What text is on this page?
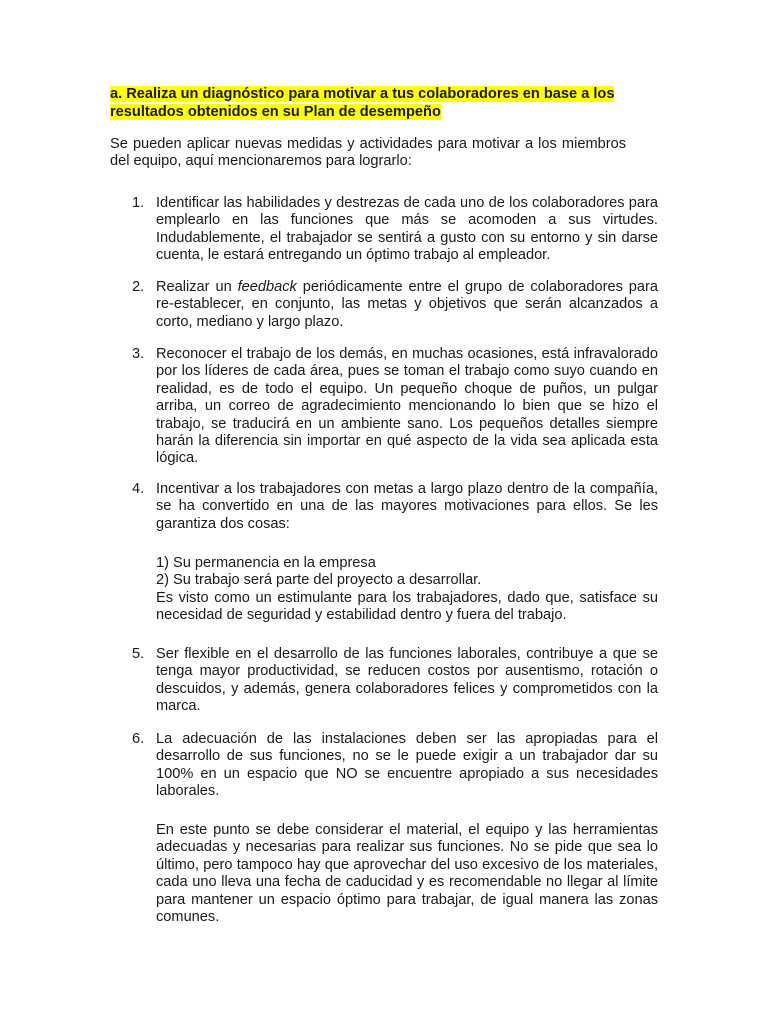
a. Realiza un diagnóstico para motivar a tus colaboradores en base a los
resultados obtenidos en su Plan de desempeño
Se pueden aplicar nuevas medidas y actividades para motivar a los miembros del equipo, aquí mencionaremos para lograrlo:
1. Identificar las habilidades y destrezas de cada uno de los colaboradores para emplearlo en las funciones que más se acomoden a sus virtudes. Indudablemente, el trabajador se sentirá a gusto con su entorno y sin darse cuenta, le estará entregando un óptimo trabajo al empleador.
2. Realizar un feedback periódicamente entre el grupo de colaboradores para re-establecer, en conjunto, las metas y objetivos que serán alcanzados a corto, mediano y largo plazo.
3. Reconocer el trabajo de los demás, en muchas ocasiones, está infravalorado por los líderes de cada área, pues se toman el trabajo como suyo cuando en realidad, es de todo el equipo. Un pequeño choque de puños, un pulgar arriba, un correo de agradecimiento mencionando lo bien que se hizo el trabajo, se traducirá en un ambiente sano. Los pequeños detalles siempre harán la diferencia sin importar en qué aspecto de la vida sea aplicada esta lógica.
4. Incentivar a los trabajadores con metas a largo plazo dentro de la compañía, se ha convertido en una de las mayores motivaciones para ellos. Se les garantiza dos cosas:
1) Su permanencia en la empresa
2) Su trabajo será parte del proyecto a desarrollar.
Es visto como un estimulante para los trabajadores, dado que, satisface su necesidad de seguridad y estabilidad dentro y fuera del trabajo.
5. Ser flexible en el desarrollo de las funciones laborales, contribuye a que se tenga mayor productividad, se reducen costos por ausentismo, rotación o descuidos, y además, genera colaboradores felices y comprometidos con la marca.
6. La adecuación de las instalaciones deben ser las apropiadas para el desarrollo de sus funciones, no se le puede exigir a un trabajador dar su 100% en un espacio que NO se encuentre apropiado a sus necesidades laborales.
En este punto se debe considerar el material, el equipo y las herramientas adecuadas y necesarias para realizar sus funciones. No se pide que sea lo último, pero tampoco hay que aprovechar del uso excesivo de los materiales, cada uno lleva una fecha de caducidad y es recomendable no llegar al límite para mantener un espacio óptimo para trabajar, de igual manera las zonas comunes.
